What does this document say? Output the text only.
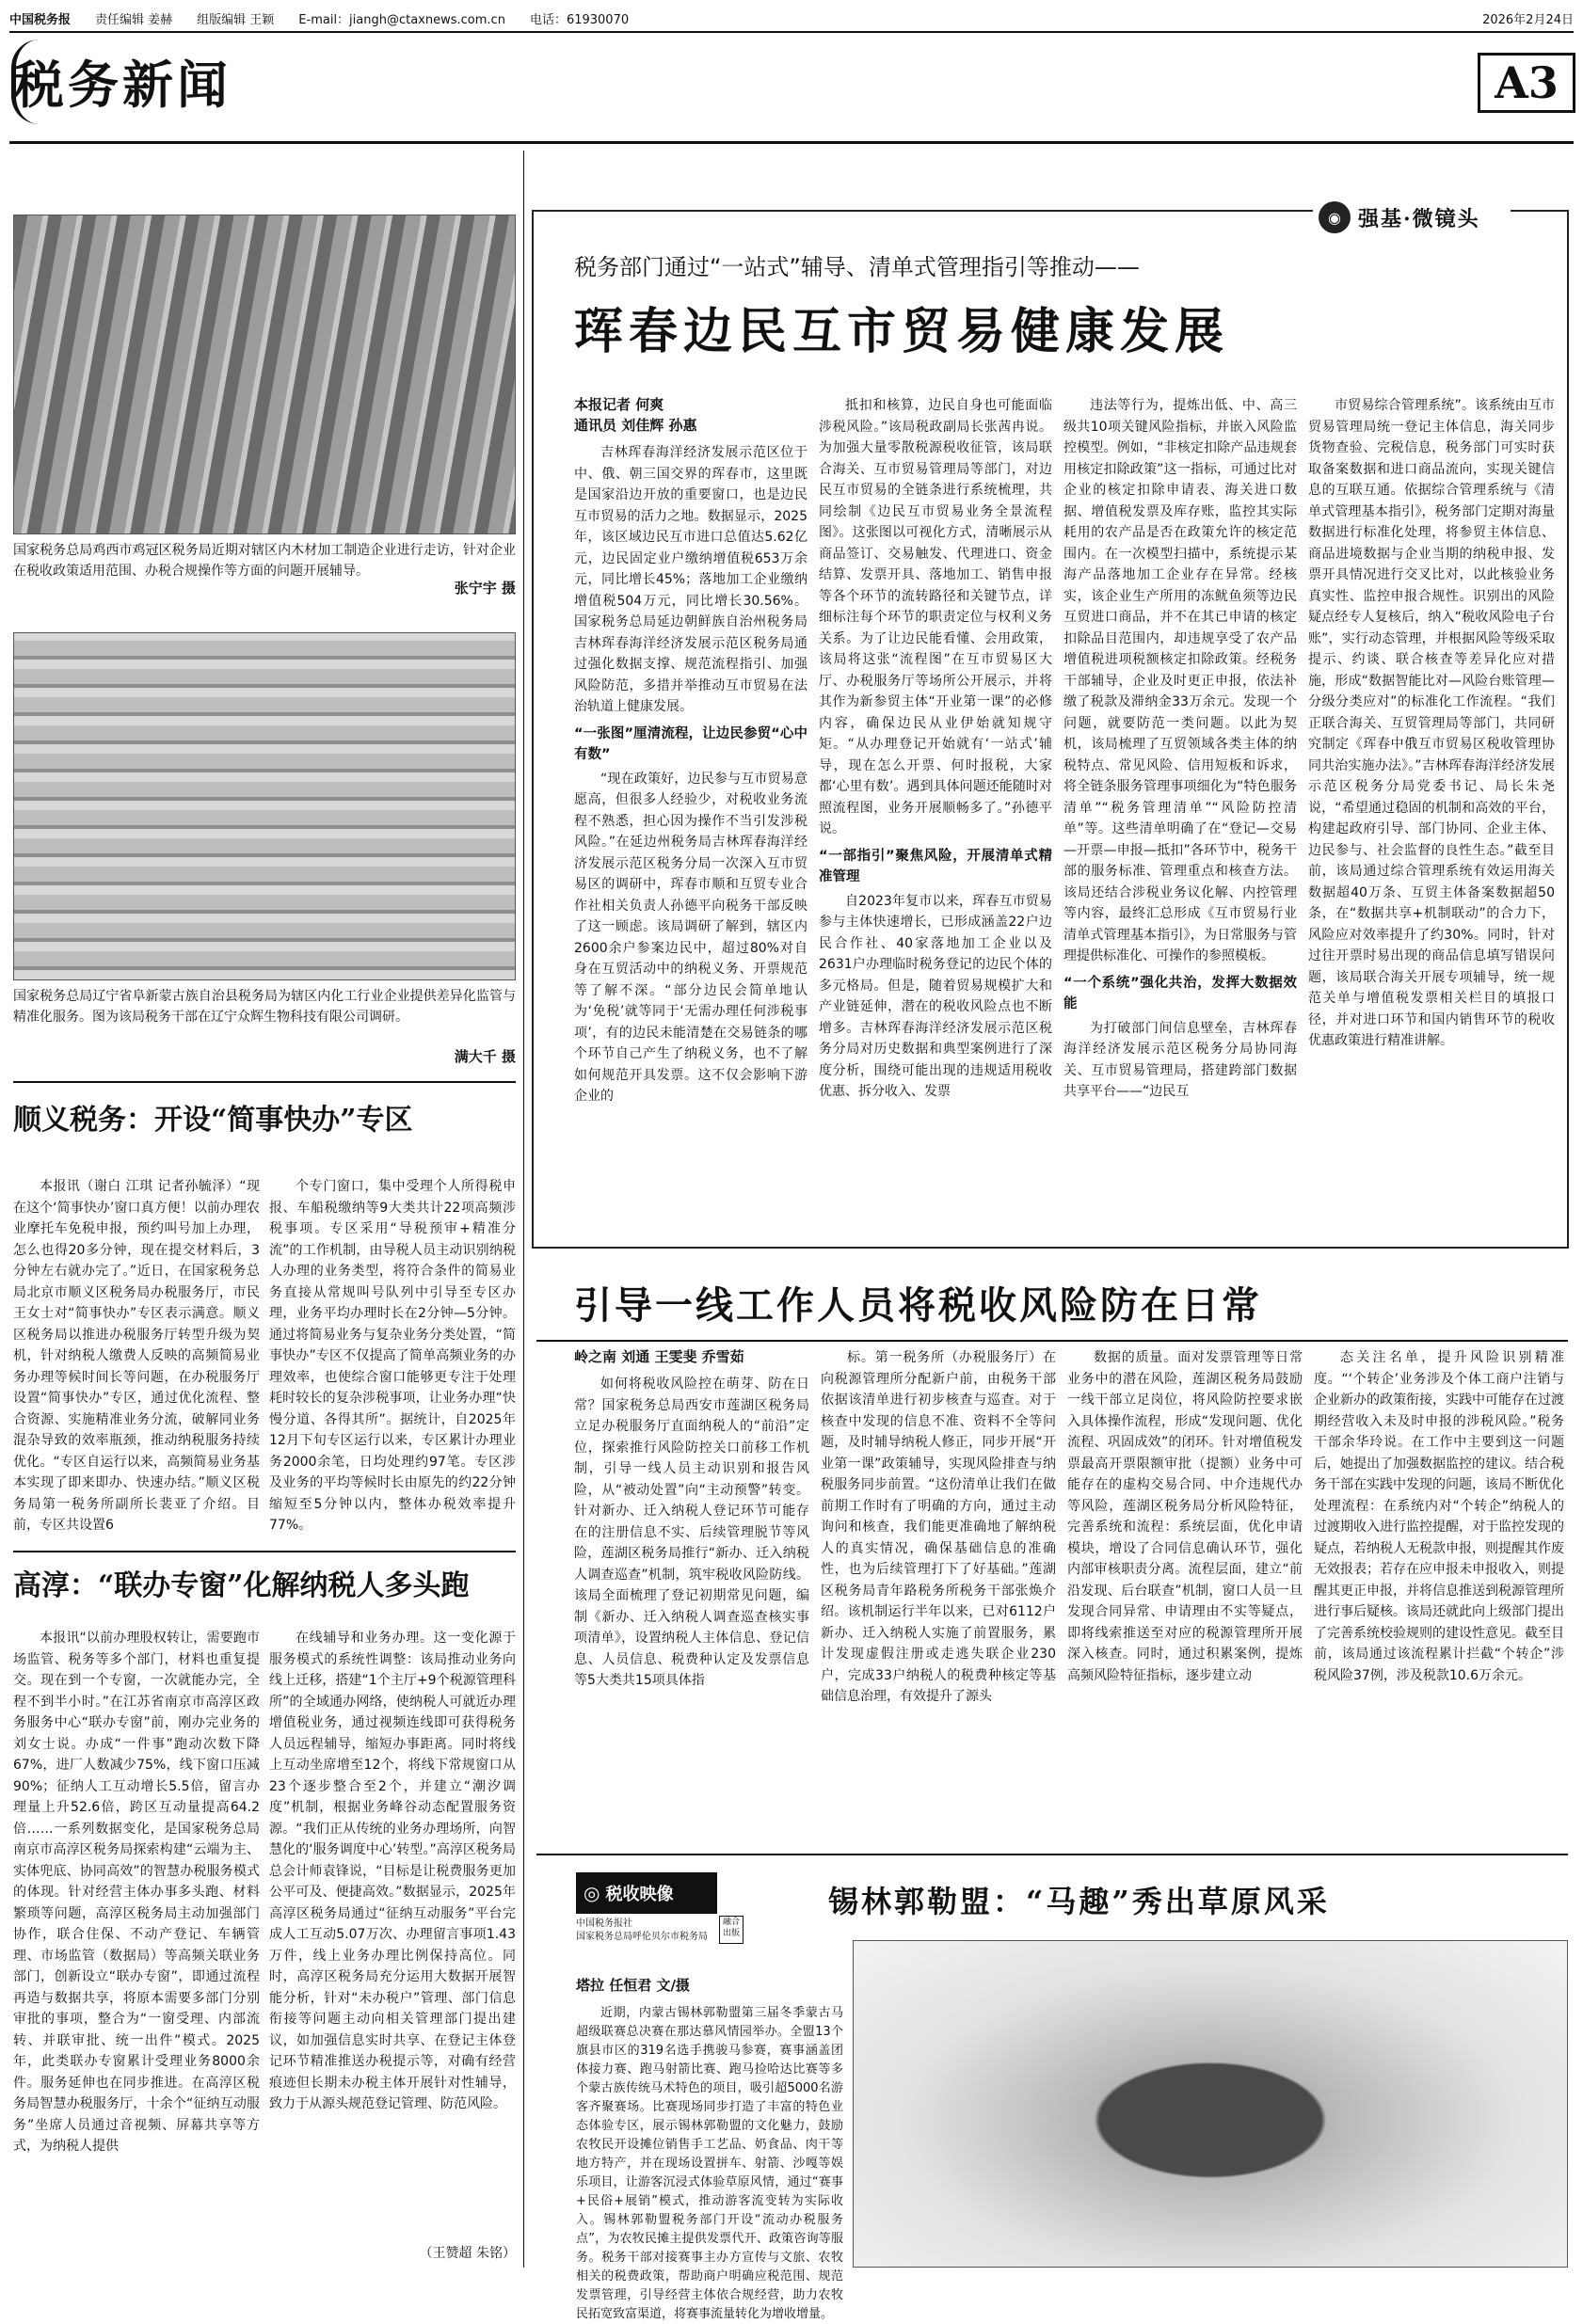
中国税务报 责任编辑 姜赫 组版编辑 王颖 E-mail：jiangh@ctaxnews.com.cn 电话：61930070	2026年2月24日
税务新闻	A3
国家税务总局鸡西市鸡冠区税务局近期对辖区内木材加工制造企业进行走访，针对企业在税收政策适用范围、办税合规操作等方面的问题开展辅导。
张宁宇 摄
国家税务总局辽宁省阜新蒙古族自治县税务局为辖区内化工行业企业提供差异化监管与精准化服务。图为该局税务干部在辽宁众辉生物科技有限公司调研。
满大千 摄
顺义税务：开设“简事快办”专区

本报讯（谢白 江琪 记者孙毓泽）“现在这个‘简事快办’窗口真方便！以前办理农业摩托车免税申报，预约叫号加上办理，怎么也得20多分钟，现在提交材料后，3分钟左右就办完了。”近日，在国家税务总局北京市顺义区税务局办税服务厅，市民王女士对“简事快办”专区表示满意。顺义区税务局以推进办税服务厅转型升级为契机，针对纳税人缴费人反映的高频简易业务办理等候时间长等问题，在办税服务厅设置“简事快办”专区，通过优化流程、整合资源、实施精准业务分流，破解同业务混杂导致的效率瓶颈，推动纳税服务持续优化。“专区自运行以来，高频简易业务基本实现了即来即办、快速办结。”顺义区税务局第一税务所副所长裴亚了介绍。目前，专区共设置6

个专门窗口，集中受理个人所得税申报、车船税缴纳等9大类共计22项高频涉税事项。专区采用“导税预审+精准分流”的工作机制，由导税人员主动识别纳税人办理的业务类型，将符合条件的简易业务直接从常规叫号队列中引导至专区办理，业务平均办理时长在2分钟—5分钟。通过将简易业务与复杂业务分类处置，“简事快办”专区不仅提高了简单高频业务的办理效率，也使综合窗口能够更专注于处理耗时较长的复杂涉税事项，让业务办理“快慢分道、各得其所”。据统计，自2025年12月下旬专区运行以来，专区累计办理业务2000余笔，日均处理约97笔。专区涉及业务的平均等候时长由原先的约22分钟缩短至5分钟以内，整体办税效率提升77%。

高淳：“联办专窗”化解纳税人多头跑

本报讯“以前办理股权转让，需要跑市场监管、税务等多个部门，材料也重复提交。现在到一个专窗，一次就能办完，全程不到半小时。”在江苏省南京市高淳区政务服务中心“联办专窗”前，刚办完业务的刘女士说。办成“一件事”跑动次数下降67%，进厂人数减少75%，线下窗口压减90%；征纳人工互动增长5.5倍，留言办理量上升52.6倍，跨区互动量提高64.2倍……一系列数据变化，是国家税务总局南京市高淳区税务局探索构建“云端为主、实体兜底、协同高效”的智慧办税服务模式的体现。针对经营主体办事多头跑、材料繁琐等问题，高淳区税务局主动加强部门协作，联合住保、不动产登记、车辆管理、市场监管（数据局）等高频关联业务部门，创新设立“联办专窗”，即通过流程再造与数据共享，将原本需要多部门分别审批的事项，整合为“一窗受理、内部流转、并联审批、统一出件”模式。2025年，此类联办专窗累计受理业务8000余件。服务延伸也在同步推进。在高淳区税务局智慧办税服务厅，十余个“征纳互动服务”坐席人员通过音视频、屏幕共享等方式，为纳税人提供

在线辅导和业务办理。这一变化源于服务模式的系统性调整：该局推动业务向线上迁移，搭建“1个主厅+9个税源管理科所”的全域通办网络，使纳税人可就近办理增值税业务，通过视频连线即可获得税务人员远程辅导，缩短办事距离。同时将线上互动坐席增至12个，将线下常规窗口从23个逐步整合至2个，并建立“潮汐调度”机制，根据业务峰谷动态配置服务资源。“我们正从传统的业务办理场所，向智慧化的‘服务调度中心’转型。”高淳区税务局总会计师袁锋说，“目标是让税费服务更加公平可及、便捷高效。”数据显示，2025年高淳区税务局通过“征纳互动服务”平台完成人工互动5.07万次、办理留言事项1.43万件，线上业务办理比例保持高位。同时，高淳区税务局充分运用大数据开展智能分析，针对“未办税户”管理、部门信息衔接等问题主动向相关管理部门提出建议，如加强信息实时共享、在登记主体登记环节精准推送办税提示等，对确有经营痕迹但长期未办税主体开展针对性辅导，致力于从源头规范登记管理、防范风险。

（王赞超 朱铭）
◉ 强基·微镜头
税务部门通过“一站式”辅导、清单式管理指引等推动——
珲春边民互市贸易健康发展
本报记者 何爽
通讯员 刘佳辉 孙惠

吉林珲春海洋经济发展示范区位于中、俄、朝三国交界的珲春市，这里既是国家沿边开放的重要窗口，也是边民互市贸易的活力之地。数据显示，2025年，该区域边民互市进口总值达5.62亿元，边民固定业户缴纳增值税653万余元，同比增长45%；落地加工企业缴纳增值税504万元，同比增长30.56%。国家税务总局延边朝鲜族自治州税务局吉林珲春海洋经济发展示范区税务局通过强化数据支撑、规范流程指引、加强风险防范，多措并举推动互市贸易在法治轨道上健康发展。

“一张图”厘清流程，让边民参贸“心中有数”

“现在政策好，边民参与互市贸易意愿高，但很多人经验少，对税收业务流程不熟悉，担心因为操作不当引发涉税风险。”在延边州税务局吉林珲春海洋经济发展示范区税务分局一次深入互市贸易区的调研中，珲春市顺和互贸专业合作社相关负责人孙德平向税务干部反映了这一顾虑。该局调研了解到，辖区内2600余户参案边民中，超过80%对自身在互贸活动中的纳税义务、开票规范等了解不深。“部分边民会简单地认为‘免税’就等同于‘无需办理任何涉税事项’，有的边民未能清楚在交易链条的哪个环节自己产生了纳税义务，也不了解如何规范开具发票。这不仅会影响下游企业的

抵扣和核算，边民自身也可能面临涉税风险。”该局税政副局长张茜冉说。为加强大量零散税源税收征管，该局联合海关、互市贸易管理局等部门，对边民互市贸易的全链条进行系统梳理，共同绘制《边民互市贸易业务全景流程图》。这张图以可视化方式，清晰展示从商品签订、交易触发、代理进口、资金结算、发票开具、落地加工、销售申报等各个环节的流转路径和关键节点，详细标注每个环节的职责定位与权利义务关系。为了让边民能看懂、会用政策，该局将这张“流程图”在互市贸易区大厅、办税服务厅等场所公开展示，并将其作为新参贸主体“开业第一课”的必修内容，确保边民从业伊始就知规守矩。“从办理登记开始就有‘一站式’辅导，现在怎么开票、何时报税，大家都‘心里有数’。遇到具体问题还能随时对照流程图，业务开展顺畅多了。”孙德平说。

“一部指引”聚焦风险，开展清单式精准管理

自2023年复市以来，珲春互市贸易参与主体快速增长，已形成涵盖22户边民合作社、40家落地加工企业以及2631户办理临时税务登记的边民个体的多元格局。但是，随着贸易规模扩大和产业链延伸，潜在的税收风险点也不断增多。吉林珲春海洋经济发展示范区税务分局对历史数据和典型案例进行了深度分析，围绕可能出现的违规适用税收优惠、拆分收入、发票

违法等行为，提炼出低、中、高三级共10项关键风险指标，并嵌入风险监控模型。例如，“非核定扣除产品违规套用核定扣除政策”这一指标，可通过比对企业的核定扣除申请表、海关进口数据、增值税发票及库存账，监控其实际耗用的农产品是否在政策允许的核定范围内。在一次模型扫描中，系统提示某海产品落地加工企业存在异常。经核实，该企业生产所用的冻鱿鱼须等边民互贸进口商品，并不在其已申请的核定扣除品目范围内，却违规享受了农产品增值税进项税额核定扣除政策。经税务干部辅导，企业及时更正申报，依法补缴了税款及滞纳金33万余元。发现一个问题，就要防范一类问题。以此为契机，该局梳理了互贸领域各类主体的纳税特点、常见风险、信用短板和诉求，将全链条服务管理事项细化为“特色服务清单”“税务管理清单”“风险防控清单”等。这些清单明确了在“登记—交易—开票—申报—抵扣”各环节中，税务干部的服务标准、管理重点和核查方法。该局还结合涉税业务议化解、内控管理等内容，最终汇总形成《互市贸易行业清单式管理基本指引》，为日常服务与管理提供标准化、可操作的参照模板。

“一个系统”强化共治，发挥大数据效能

为打破部门间信息壁垒，吉林珲春海洋经济发展示范区税务分局协同海关、互市贸易管理局，搭建跨部门数据共享平台——“边民互

市贸易综合管理系统”。该系统由互市贸易管理局统一登记主体信息，海关同步货物查验、完税信息，税务部门可实时获取备案数据和进口商品流向，实现关键信息的互联互通。依据综合管理系统与《清单式管理基本指引》，税务部门定期对海量数据进行标准化处理，将参贸主体信息、商品进境数据与企业当期的纳税申报、发票开具情况进行交叉比对，以此核验业务真实性、监控申报合规性。识别出的风险疑点经专人复核后，纳入“税收风险电子台账”，实行动态管理，并根据风险等级采取提示、约谈、联合核查等差异化应对措施，形成“数据智能比对—风险台账管理—分级分类应对”的标准化工作流程。“我们正联合海关、互贸管理局等部门，共同研究制定《珲春中俄互市贸易区税收管理协同共治实施办法》。”吉林珲春海洋经济发展示范区税务分局党委书记、局长朱尧说，“希望通过稳固的机制和高效的平台，构建起政府引导、部门协同、企业主体、边民参与、社会监督的良性生态。”截至目前，该局通过综合管理系统有效运用海关数据超40万条、互贸主体备案数据超50条，在“数据共享+机制联动”的合力下，风险应对效率提升了约30%。同时，针对过往开票时易出现的商品信息填写错误问题，该局联合海关开展专项辅导，统一规范关单与增值税发票相关栏目的填报口径，并对进口环节和国内销售环节的税收优惠政策进行精准讲解。

引导一线工作人员将税收风险防在日常
岭之南 刘通 王雯斐 乔雪茹

如何将税收风险控在萌芽、防在日常？国家税务总局西安市莲湖区税务局立足办税服务厅直面纳税人的“前沿”定位，探索推行风险防控关口前移工作机制，引导一线人员主动识别和报告风险，从“被动处置”向“主动预警”转变。针对新办、迁入纳税人登记环节可能存在的注册信息不实、后续管理脱节等风险，莲湖区税务局推行“新办、迁入纳税人调查巡查”机制，筑牢税收风险防线。该局全面梳理了登记初期常见问题，编制《新办、迁入纳税人调查巡查核实事项清单》，设置纳税人主体信息、登记信息、人员信息、税费种认定及发票信息等5大类共15项具体指

标。第一税务所（办税服务厅）在向税源管理所分配新户前，由税务干部依据该清单进行初步核查与巡查。对于核查中发现的信息不准、资料不全等问题，及时辅导纳税人修正，同步开展“开业第一课”政策辅导，实现风险排查与纳税服务同步前置。“这份清单让我们在做前期工作时有了明确的方向，通过主动询问和核查，我们能更准确地了解纳税人的真实情况，确保基础信息的准确性，也为后续管理打下了好基础。”莲湖区税务局青年路税务所税务干部张焕介绍。该机制运行半年以来，已对6112户新办、迁入纳税人实施了前置服务，累计发现虚假注册或走逃失联企业230户，完成33户纳税人的税费种核定等基础信息治理，有效提升了源头

数据的质量。面对发票管理等日常业务中的潜在风险，莲湖区税务局鼓励一线干部立足岗位，将风险防控要求嵌入具体操作流程，形成“发现问题、优化流程、巩固成效”的闭环。针对增值税发票最高开票限额审批（提额）业务中可能存在的虚构交易合同、中介违规代办等风险，莲湖区税务局分析风险特征，完善系统和流程：系统层面，优化申请模块，增设了合同信息确认环节，强化内部审核职责分离。流程层面，建立“前沿发现、后台联查”机制，窗口人员一旦发现合同异常、申请理由不实等疑点，即将线索推送至对应的税源管理所开展深入核查。同时，通过积累案例，提炼高频风险特征指标，逐步建立动

态关注名单，提升风险识别精准度。“‘个转企’业务涉及个体工商户注销与企业新办的政策衔接，实践中可能存在过渡期经营收入未及时申报的涉税风险。”税务干部余华玲说。在工作中主要到这一问题后，她提出了加强数据监控的建议。结合税务干部在实践中发现的问题，该局不断优化处理流程：在系统内对“个转企”纳税人的过渡期收入进行监控提醒，对于监控发现的疑点，若纳税人无税款申报，则提醒其作废无效报表；若存在应申报未申报收入，则提醒其更正申报，并将信息推送到税源管理所进行事后疑核。该局还就此向上级部门提出了完善系统校验规则的建设性意见。截至目前，该局通过该流程累计拦截“个转企”涉税风险37例，涉及税款10.6万余元。

◎ 税收映像
中国税务报社
国家税务总局呼伦贝尔市税务局
融合出版
锡林郭勒盟：“马趣”秀出草原风采
塔拉 任恒君 文/摄

近期，内蒙古锡林郭勒盟第三届冬季蒙古马超级联赛总决赛在那达慕风情园举办。全盟13个旗县市区的319名选手携骏马参赛，赛事涵盖团体接力赛、跑马射箭比赛、跑马捡哈达比赛等多个蒙古族传统马术特色的项目，吸引超5000名游客齐聚赛场。比赛现场同步打造了丰富的特色业态体验专区，展示锡林郭勒盟的文化魅力，鼓励农牧民开设摊位销售手工艺品、奶食品、肉干等地方特产，并在现场设置拼车、射箭、沙嘎等娱乐项目，让游客沉浸式体验草原风情，通过“赛事+民俗+展销”模式，推动游客流变转为实际收入。锡林郭勒盟税务部门开设“流动办税服务点”，为农牧民摊主提供发票代开、政策咨询等服务。税务干部对接赛事主办方宣传与文旅、农牧相关的税费政策，帮助商户明确应税范围、规范发票管理，引导经营主体依合规经营，助力农牧民拓宽致富渠道，将赛事流量转化为增收增量。
